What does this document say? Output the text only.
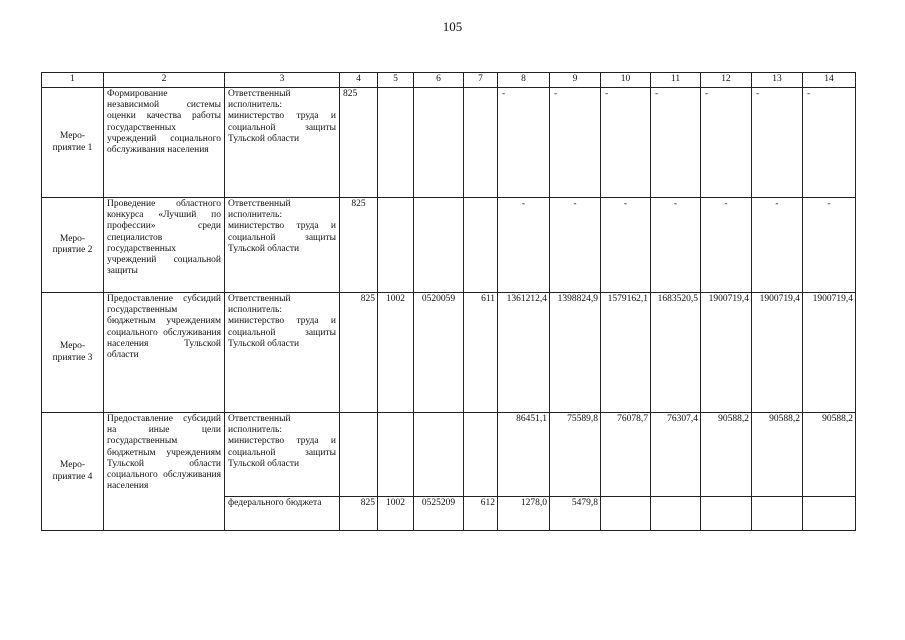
105
1	2	3	4	5	6	7	8	9	10	11	12	13	14
Меро-
приятие 1	Формирование независимой системы оценки качества работы государственных учреждений социального обслуживания населения	Ответственный исполнитель: министерство труда и социальной защиты Тульской области	825				-	-	-	-	-	-	-
Меро-
приятие 2	Проведение областного конкурса «Лучший по профессии» среди специалистов государственных учреждений социальной защиты	Ответственный исполнитель: министерство труда и социальной защиты Тульской области	825				-	-	-	-	-	-	-
Меро-
приятие 3	Предоставление субсидий государственным бюджетным учреждениям социального обслуживания населения Тульской области	Ответственный исполнитель: министерство труда и социальной защиты Тульской области	825	1002	0520059	611	1361212,4	1398824,9	1579162,1	1683520,5	1900719,4	1900719,4	1900719,4
Меро-
приятие 4	Предоставление субсидий на иные цели государственным бюджетным учреждениям Тульской области социального обслуживания населения	Ответственный исполнитель: министерство труда и социальной защиты Тульской области					86451,1	75589,8	76078,7	76307,4	90588,2	90588,2	90588,2
		федерального бюджета	825	1002	0525209	612	1278,0	5479,8					
